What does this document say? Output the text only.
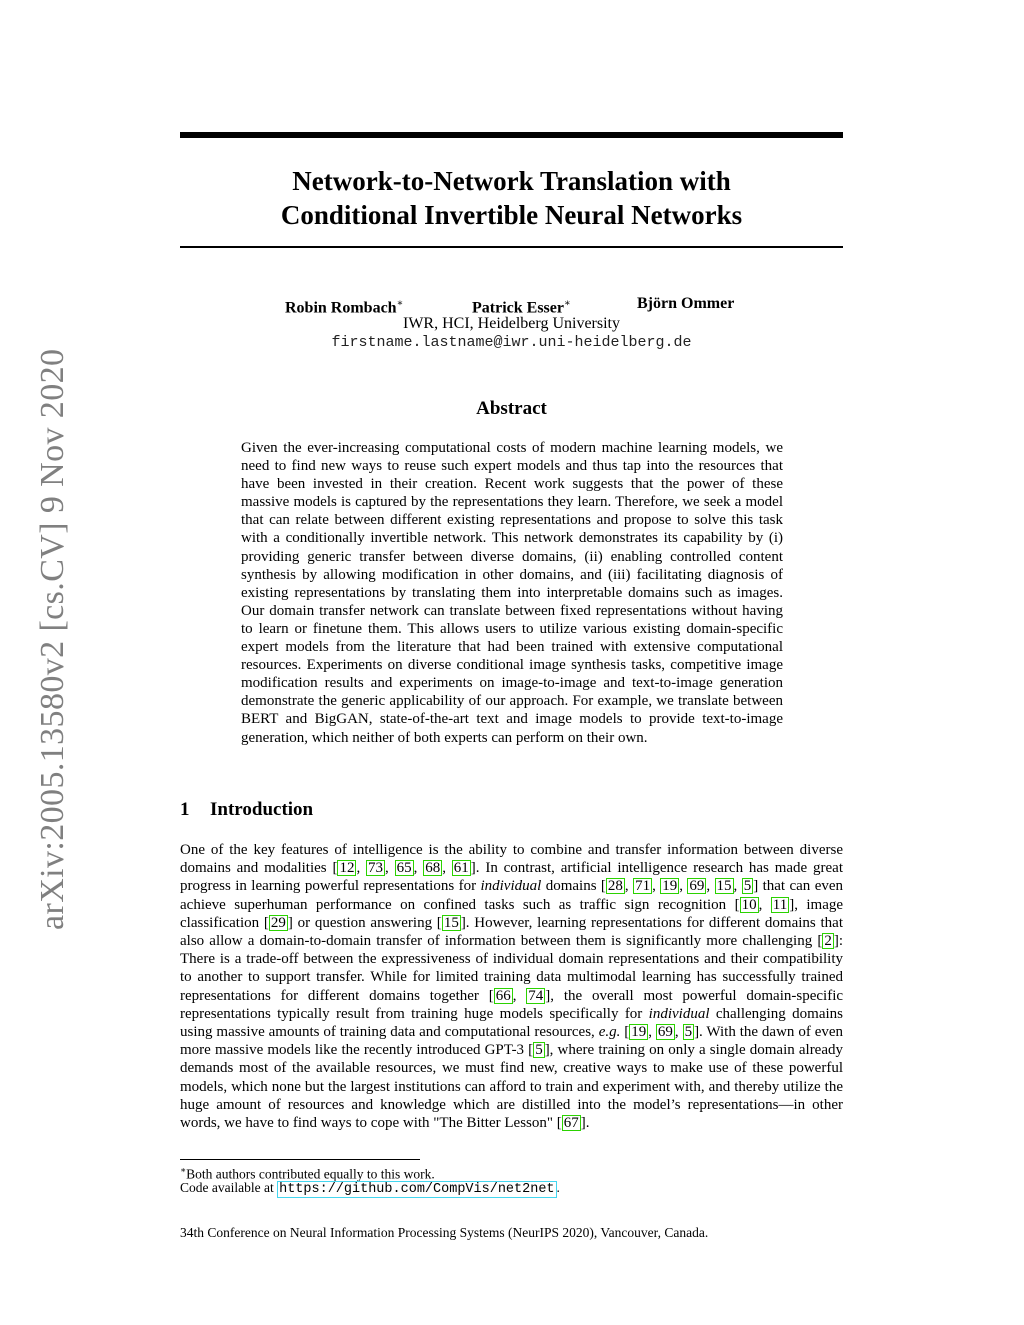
arXiv:2005.13580v2 [cs.CV] 9 Nov 2020
Network-to-Network Translation with
Conditional Invertible Neural Networks
Robin Rombach∗	Patrick Esser∗	Björn Ommer
IWR, HCI, Heidelberg University
firstname.lastname@iwr.uni-heidelberg.de
Abstract

Given the ever-increasing computational costs of modern machine learning models, we need to find new ways to reuse such expert models and thus tap into the resources that have been invested in their creation. Recent work suggests that the power of these massive models is captured by the representations they learn. Therefore, we seek a model that can relate between different existing representations and propose to solve this task with a conditionally invertible network. This network demonstrates its capability by (i) providing generic transfer between diverse domains, (ii) enabling controlled content synthesis by allowing modification in other domains, and (iii) facilitating diagnosis of existing representations by translating them into interpretable domains such as images. Our domain transfer network can translate between fixed representations without having to learn or finetune them. This allows users to utilize various existing domain-specific expert models from the literature that had been trained with extensive computational resources. Experiments on diverse conditional image synthesis tasks, competitive image modification results and experiments on image-to-image and text-to-image generation demonstrate the generic applicability of our approach. For example, we translate between BERT and BigGAN, state-of-the-art text and image models to provide text-to-image generation, which neither of both experts can perform on their own.

1 Introduction

One of the key features of intelligence is the ability to combine and transfer information between diverse domains and modalities [ 12 , 73 , 65 , 68 , 61 ]. In contrast, artificial intelligence research has made great progress in learning powerful representations for individual domains [ 28 , 71 , 19 , 69 , 15 , 5 ] that can even achieve superhuman performance on confined tasks such as traffic sign recognition [ 10 , 11 ], image classification [ 29 ] or question answering [ 15 ]. However, learning representations for different domains that also allow a domain-to-domain transfer of information between them is significantly more challenging [ 2 ]: There is a trade-off between the expressiveness of individual domain representations and their compatibility to another to support transfer. While for limited training data multimodal learning has successfully trained representations for different domains together [ 66 , 74 ], the overall most powerful domain-specific representations typically result from training huge models specifically for individual challenging domains using massive amounts of training data and computational resources, e.g. [ 19 , 69 , 5 ]. With the dawn of even more massive models like the recently introduced GPT-3 [ 5 ], where training on only a single domain already demands most of the available resources, we must find new, creative ways to make use of these powerful models, which none but the largest institutions can afford to train and experiment with, and thereby utilize the huge amount of resources and knowledge which are distilled into the model’s representations—in other words, we have to find ways to cope with "The Bitter Lesson" [ 67 ].

∗Both authors contributed equally to this work.
Code available at https://github.com/CompVis/net2net .
34th Conference on Neural Information Processing Systems (NeurIPS 2020), Vancouver, Canada.
